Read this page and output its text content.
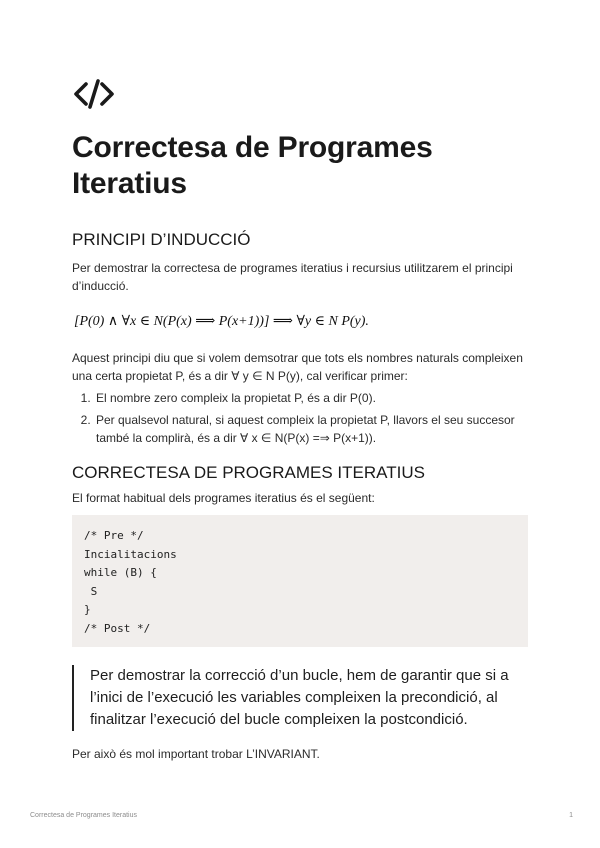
Correctesa de Programes Iteratius
PRINCIPI D’INDUCCIÓ

Per demostrar la correctesa de programes iteratius i recursius utilitzarem el principi d’inducció.

[P(0) ∧ ∀x ∈ N(P(x) ⟹ P(x+1))] ⟹ ∀y ∈ N P(y).

Aquest principi diu que si volem demsotrar que tots els nombres naturals compleixen una certa propietat P, és a dir ∀ y ∈ N P(y), cal verificar primer:

1. El nombre zero compleix la propietat P, és a dir P(0).
2. Per qualsevol natural, si aquest compleix la propietat P, llavors el seu succesor també la complirà, és a dir ∀ x ∈ N(P(x) =⇒ P(x+1)).
CORRECTESA DE PROGRAMES ITERATIUS

El format habitual dels programes iteratius és el següent:

/* Pre */
Incialitacions
while (B) {
S
}
/* Post */
Per demostrar la correcció d’un bucle, hem de garantir que si a l’inici de l’execució les variables compleixen la precondició, al finalitzar l’execució del bucle compleixen la postcondició.

Per això és mol important trobar L’INVARIANT.

Correctesa de Programes Iteratius	1
